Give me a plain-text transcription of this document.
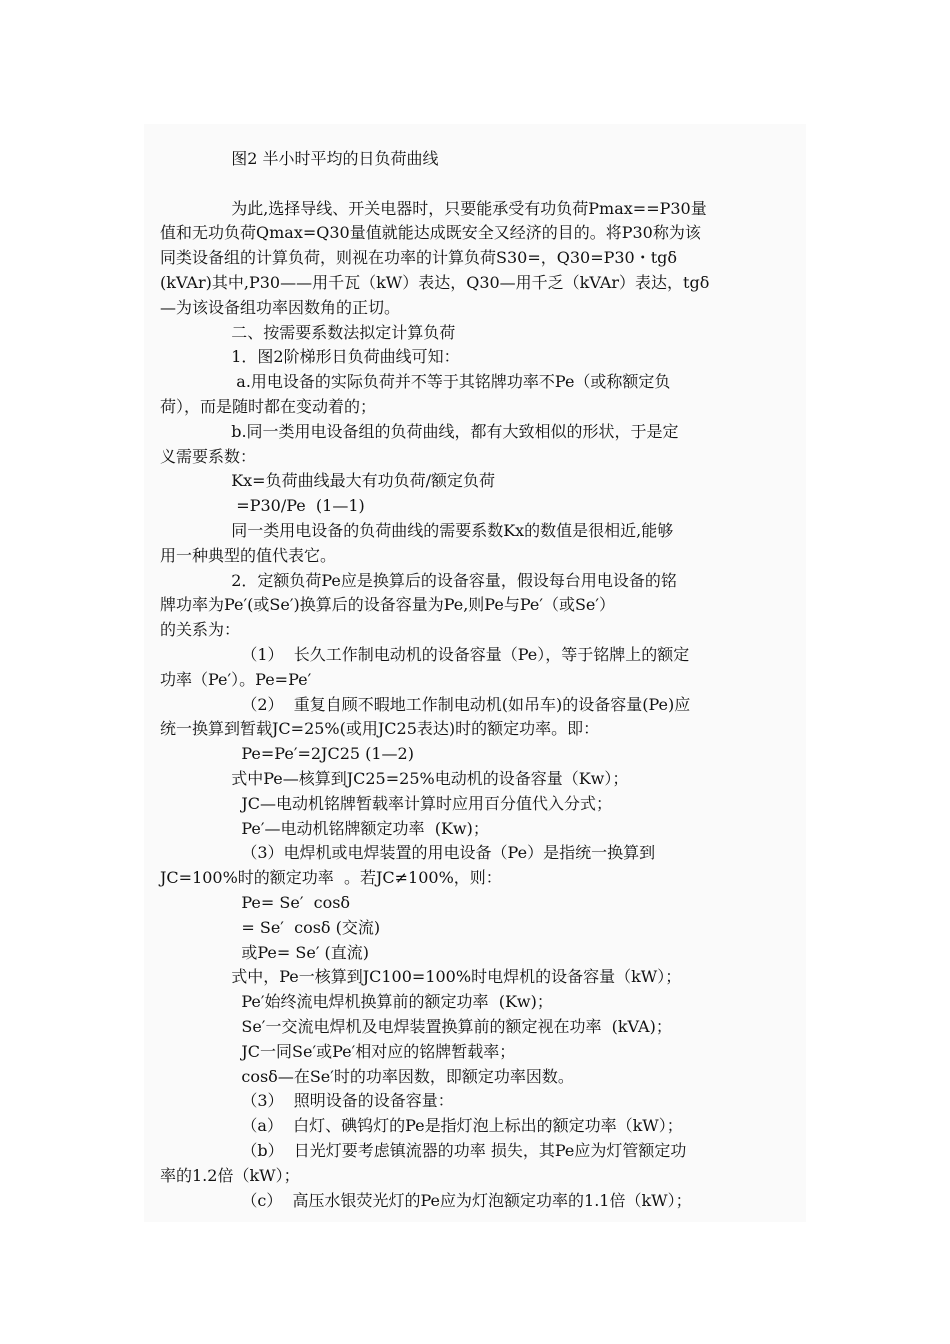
图2 半小时平均的日负荷曲线
为此,选择导线、开关电器时，只要能承受有功负荷Pmax==P30量
值和无功负荷Qmax=Q30量值就能达成既安全又经济的目的。将P30称为该
同类设备组的计算负荷，则视在功率的计算负荷S30=，Q30=P30・tgδ
(kVAr)其中,P30——用千瓦（kW）表达，Q30—用千乏（kVAr）表达，tgδ
—为该设备组功率因数角的正切。
二、按需要系数法拟定计算负荷
1．图2阶梯形日负荷曲线可知：
a.用电设备的实际负荷并不等于其铭牌功率不Pe（或称额定负
荷），而是随时都在变动着的；
b.同一类用电设备组的负荷曲线，都有大致相似的形状，于是定
义需要系数：
Kx=负荷曲线最大有功负荷/额定负荷
=P30/Pe  (1—1)
同一类用电设备的负荷曲线的需要系数Kx的数值是很相近,能够
用一种典型的值代表它。
2．定额负荷Pe应是换算后的设备容量，假设每台用电设备的铭
牌功率为Pe′(或Se′)换算后的设备容量为Pe,则Pe与Pe′（或Se′）
的关系为：
（1）  长久工作制电动机的设备容量（Pe），等于铭牌上的额定
功率（Pe′）。Pe=Pe′
（2）  重复自顾不暇地工作制电动机(如吊车)的设备容量(Pe)应
统一换算到暂载JC=25%(或用JC25表达)时的额定功率。即：
Pe=Pe′=2JC25 (1—2)
式中Pe—核算到JC25=25%电动机的设备容量（Kw）；
JC—电动机铭牌暂载率计算时应用百分值代入分式；
Pe′—电动机铭牌额定功率  (Kw)；
（3）电焊机或电焊装置的用电设备（Pe）是指统一换算到
JC=100%时的额定功率  。若JC≠100%，则：
Pe= Se′  cosδ
= Se′  cosδ (交流)
或Pe= Se′ (直流)
式中，Pe一核算到JC100=100%时电焊机的设备容量（kW）；
Pe′始终流电焊机换算前的额定功率  (Kw)；
Se′一交流电焊机及电焊装置换算前的额定视在功率  (kVA)；
JC一同Se′或Pe′相对应的铭牌暂载率；
cosδ—在Se′时的功率因数，即额定功率因数。
（3）  照明设备的设备容量：
（a）  白灯、碘钨灯的Pe是指灯泡上标出的额定功率（kW）；
（b）  日光灯要考虑镇流器的功率 损失，其Pe应为灯管额定功
率的1.2倍（kW）；
（c）  高压水银荧光灯的Pe应为灯泡额定功率的1.1倍（kW）；
